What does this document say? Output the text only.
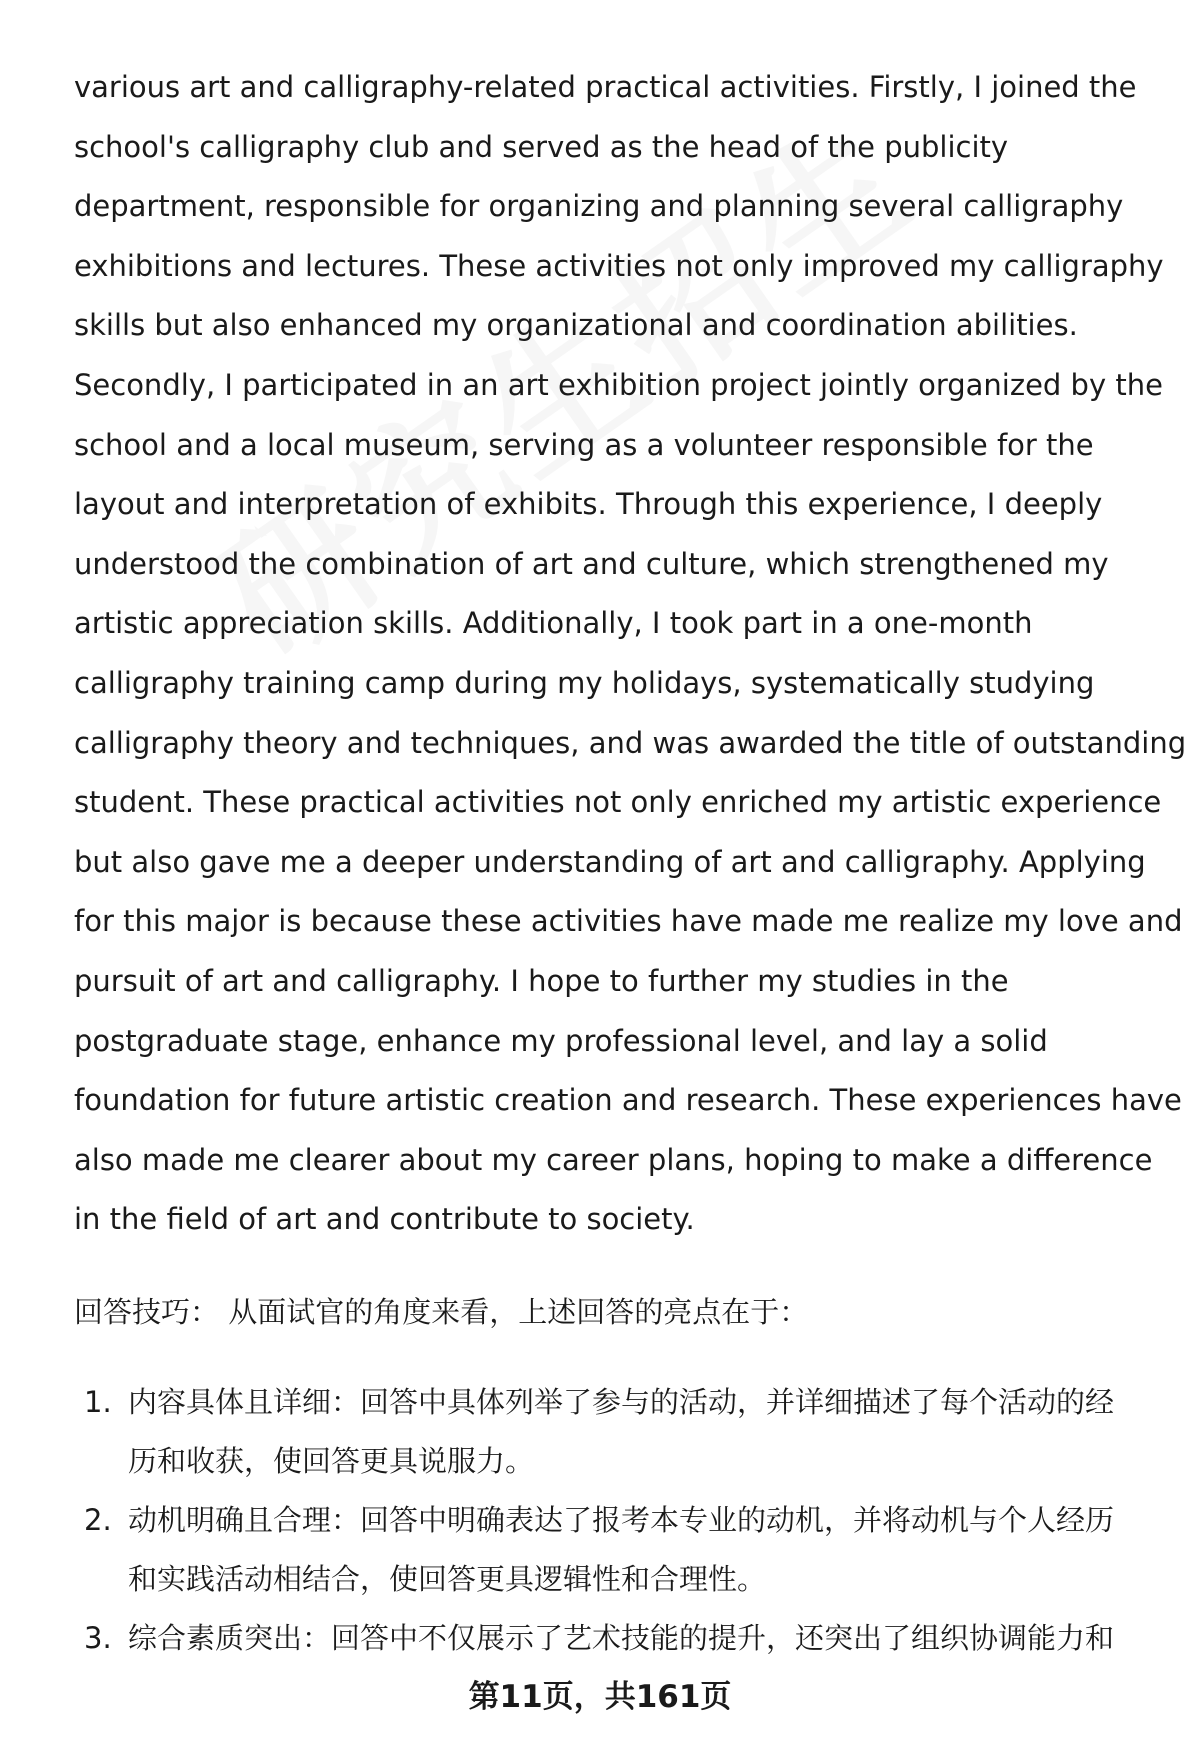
various art and calligraphy-related practical activities. Firstly, I joined the
school's calligraphy club and served as the head of the publicity
department, responsible for organizing and planning several calligraphy
exhibitions and lectures. These activities not only improved my calligraphy
skills but also enhanced my organizational and coordination abilities.
Secondly, I participated in an art exhibition project jointly organized by the
school and a local museum, serving as a volunteer responsible for the
layout and interpretation of exhibits. Through this experience, I deeply
understood the combination of art and culture, which strengthened my
artistic appreciation skills. Additionally, I took part in a one-month
calligraphy training camp during my holidays, systematically studying
calligraphy theory and techniques, and was awarded the title of outstanding
student. These practical activities not only enriched my artistic experience
but also gave me a deeper understanding of art and calligraphy. Applying
for this major is because these activities have made me realize my love and
pursuit of art and calligraphy. I hope to further my studies in the
postgraduate stage, enhance my professional level, and lay a solid
foundation for future artistic creation and research. These experiences have
also made me clearer about my career plans, hoping to make a difference
in the field of art and contribute to society.
回答技巧： 从面试官的角度来看，上述回答的亮点在于：
1. 内容具体且详细：回答中具体列举了参与的活动，并详细描述了每个活动的经
历和收获，使回答更具说服力。
2. 动机明确且合理：回答中明确表达了报考本专业的动机，并将动机与个人经历
和实践活动相结合，使回答更具逻辑性和合理性。
3. 综合素质突出：回答中不仅展示了艺术技能的提升，还突出了组织协调能力和
第11页，共161页
